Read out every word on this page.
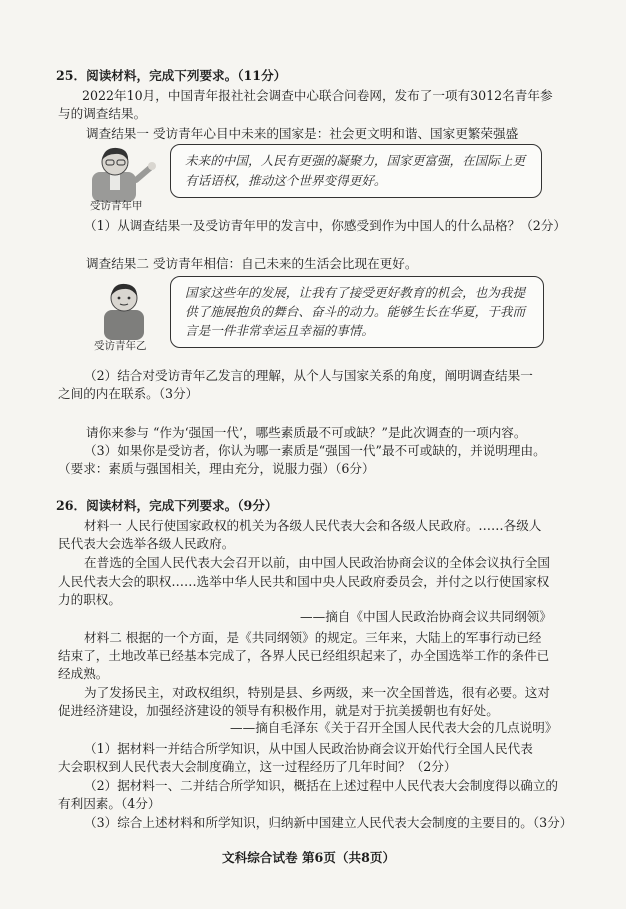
25．阅读材料，完成下列要求。（11分）
2022年10月，中国青年报社社会调查中心联合问卷网，发布了一项有3012名青年参
与的调查结果。
调查结果一 受访青年心目中未来的国家是：社会更文明和谐、国家更繁荣强盛
受访青年甲
未来的中国，人民有更强的凝聚力，国家更富强，在国际上更
有话语权，推动这个世界变得更好。
（1）从调查结果一及受访青年甲的发言中，你感受到作为中国人的什么品格？（2分）
调查结果二 受访青年相信：自己未来的生活会比现在更好。
受访青年乙
国家这些年的发展，让我有了接受更好教育的机会，也为我提
供了施展抱负的舞台、奋斗的动力。能够生长在华夏，于我而
言是一件非常幸运且幸福的事情。
（2）结合对受访青年乙发言的理解，从个人与国家关系的角度，阐明调查结果一
之间的内在联系。（3分）
请你来参与 “作为‘强国一代’，哪些素质最不可或缺？”是此次调查的一项内容。
（3）如果你是受访者，你认为哪一素质是“强国一代”最不可或缺的，并说明理由。
（要求：素质与强国相关，理由充分，说服力强）（6分）
26．阅读材料，完成下列要求。（9分）
材料一 人民行使国家政权的机关为各级人民代表大会和各级人民政府。……各级人
民代表大会选举各级人民政府。
在普选的全国人民代表大会召开以前，由中国人民政治协商会议的全体会议执行全国
人民代表大会的职权……选举中华人民共和国中央人民政府委员会，并付之以行使国家权
力的职权。
——摘自《中国人民政治协商会议共同纲领》
材料二 根据的一个方面，是《共同纲领》的规定。三年来，大陆上的军事行动已经
结束了，土地改革已经基本完成了，各界人民已经组织起来了，办全国选举工作的条件已
经成熟。
为了发扬民主，对政权组织，特别是县、乡两级，来一次全国普选，很有必要。这对
促进经济建设，加强经济建设的领导有积极作用，就是对于抗美援朝也有好处。
——摘自毛泽东《关于召开全国人民代表大会的几点说明》
（1）据材料一并结合所学知识，从中国人民政治协商会议开始代行全国人民代表
大会职权到人民代表大会制度确立，这一过程经历了几年时间？（2分）
（2）据材料一、二并结合所学知识，概括在上述过程中人民代表大会制度得以确立的
有利因素。（4分）
（3）综合上述材料和所学知识，归纳新中国建立人民代表大会制度的主要目的。（3分）
文科综合试卷 第6页（共8页）
